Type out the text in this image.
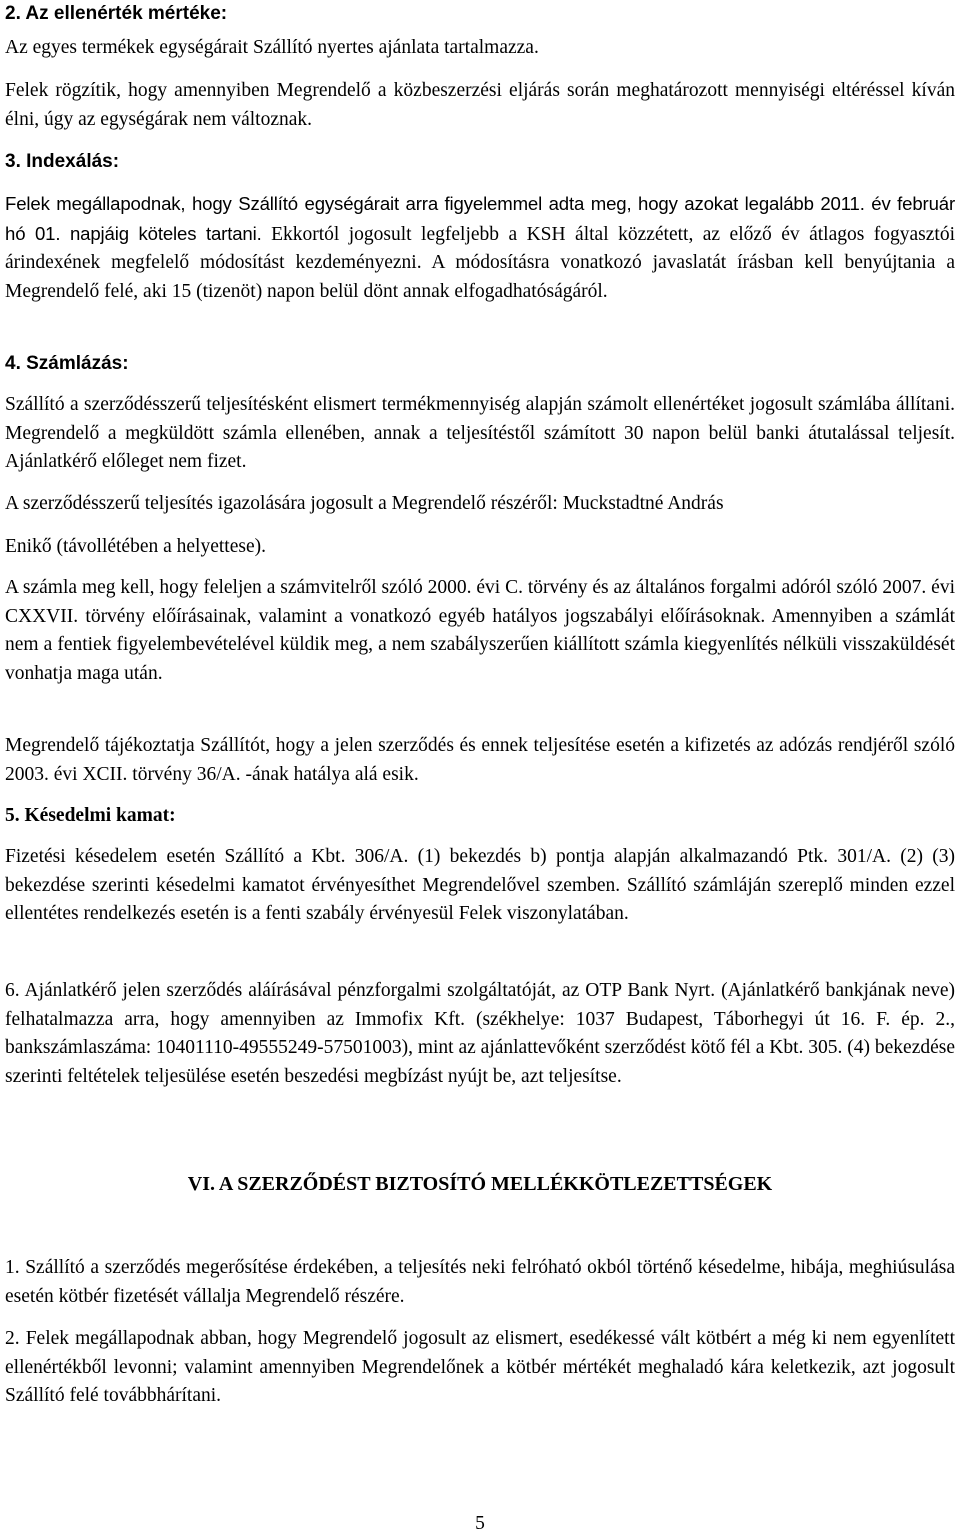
2. Az ellenérték mértéke:
Az egyes termékek egységárait Szállító nyertes ajánlata tartalmazza.
Felek rögzítik, hogy amennyiben Megrendelő a közbeszerzési eljárás során meghatározott mennyiségi eltéréssel kíván élni, úgy az egységárak nem változnak.
3. Indexálás:
Felek megállapodnak, hogy Szállító egységárait arra figyelemmel adta meg, hogy azokat legalább 2011. év február hó 01. napjáig köteles tartani. Ekkortól jogosult legfeljebb a KSH által közzétett, az előző év átlagos fogyasztói árindexének megfelelő módosítást kezdeményezni. A módosításra vonatkozó javaslatát írásban kell benyújtania a Megrendelő felé, aki 15 (tizenöt) napon belül dönt annak elfogadhatóságáról.
4. Számlázás:
Szállító a szerződésszerű teljesítésként elismert termékmennyiség alapján számolt ellenértéket jogosult számlába állítani. Megrendelő a megküldött számla ellenében, annak a teljesítéstől számított 30 napon belül banki átutalással teljesít. Ajánlatkérő előleget nem fizet.
A szerződésszerű teljesítés igazolására jogosult a Megrendelő részéről: Muckstadtné András
Enikő (távollétében a helyettese).
A számla meg kell, hogy feleljen a számvitelről szóló 2000. évi C. törvény és az általános forgalmi adóról szóló 2007. évi CXXVII. törvény előírásainak, valamint a vonatkozó egyéb hatályos jogszabályi előírásoknak. Amennyiben a számlát nem a fentiek figyelembevételével küldik meg, a nem szabályszerűen kiállított számla kiegyenlítés nélküli visszaküldését vonhatja maga után.
Megrendelő tájékoztatja Szállítót, hogy a jelen szerződés és ennek teljesítése esetén a kifizetés az adózás rendjéről szóló 2003. évi XCII. törvény 36/A. -ának hatálya alá esik.
5. Késedelmi kamat:
Fizetési késedelem esetén Szállító a Kbt. 306/A. (1) bekezdés b) pontja alapján alkalmazandó Ptk. 301/A. (2) (3) bekezdése szerinti késedelmi kamatot érvényesíthet Megrendelővel szemben. Szállító számláján szereplő minden ezzel ellentétes rendelkezés esetén is a fenti szabály érvényesül Felek viszonylatában.
6. Ajánlatkérő jelen szerződés aláírásával pénzforgalmi szolgáltatóját, az OTP Bank Nyrt. (Ajánlatkérő bankjának neve) felhatalmazza arra, hogy amennyiben az Immofix Kft. (székhelye: 1037 Budapest, Táborhegyi út 16. F. ép. 2., bankszámlaszáma: 10401110-49555249-57501003), mint az ajánlattevőként szerződést kötő fél a Kbt. 305. (4) bekezdése szerinti feltételek teljesülése esetén beszedési megbízást nyújt be, azt teljesítse.
VI. A SZERZŐDÉST BIZTOSÍTÓ MELLÉKKÖTLEZETTSÉGEK
1. Szállító a szerződés megerősítése érdekében, a teljesítés neki felróható okból történő késedelme, hibája, meghiúsulása esetén kötbér fizetését vállalja Megrendelő részére.
2. Felek megállapodnak abban, hogy Megrendelő jogosult az elismert, esedékessé vált kötbért a még ki nem egyenlített ellenértékből levonni; valamint amennyiben Megrendelőnek a kötbér mértékét meghaladó kára keletkezik, azt jogosult Szállító felé továbbhárítani.
5
